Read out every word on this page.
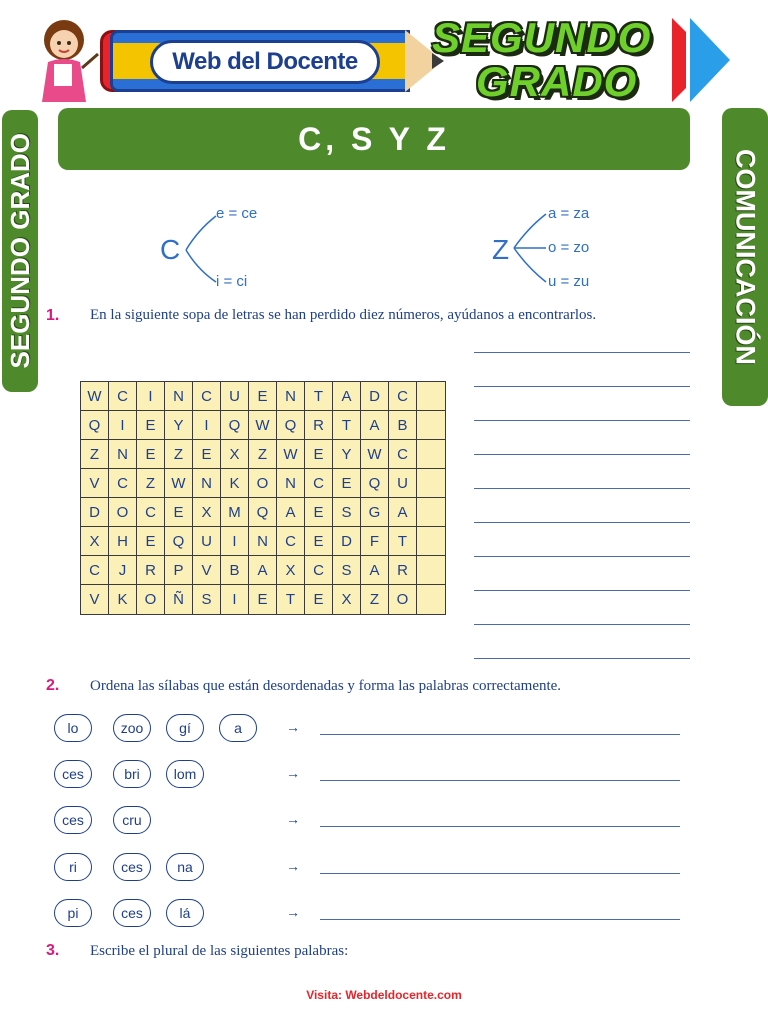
Web del Docente
SEGUNDO
GRADO
C, S Y Z
SEGUNDO GRADO	COMUNICACIÓN
C
e = ce
i = ci
Z
a = za
o = zo
u = zu
1. En la siguiente sopa de letras se han perdido diez números, ayúdanos a encontrarlos.
W	C	I	N	C	U	E	N	T	A	D	C
Q	I	E	Y	I	Q	W	Q	R	T	A	B
Z	N	E	Z	E	X	Z	W	E	Y	W	C
V	C	Z	W	N	K	O	N	C	E	Q	U
D	O	C	E	X	M	Q	A	E	S	G	A
X	H	E	Q	U	I	N	C	E	D	F	T
C	J	R	P	V	B	A	X	C	S	A	R
V	K	O	Ñ	S	I	E	T	E	X	Z	O
2. Ordena las sílabas que están desordenadas y forma las palabras correctamente.
lo	zoo	gí	a	→
ces	bri	lom	→
ces	cru	→
ri	ces	na	→
pi	ces	lá	→
3. Escribe el plural de las siguientes palabras:
Visita: Webdeldocente.com
